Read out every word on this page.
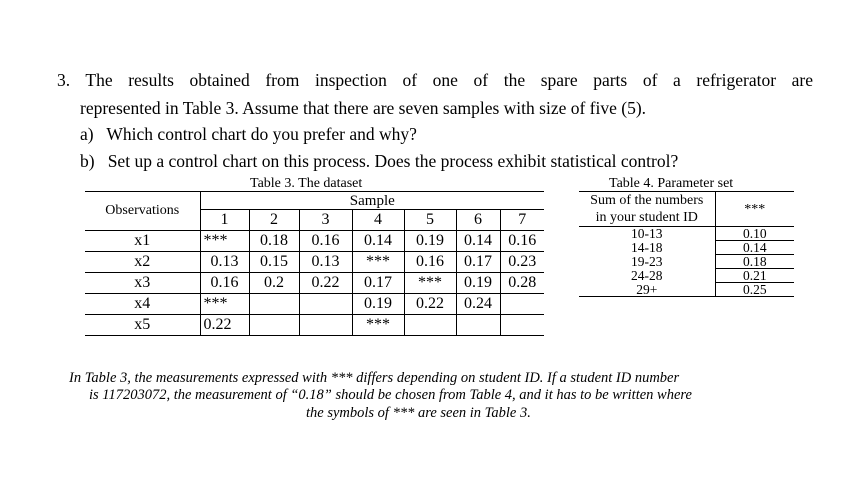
3. The results obtained from inspection of one of the spare parts of a refrigerator are
represented in Table 3. Assume that there are seven samples with size of five (5).
a)   Which control chart do you prefer and why?
b)   Set up a control chart on this process. Does the process exhibit statistical control?
Table 3. The dataset	Table 4. Parameter set
Observations	Sample						
	1	2	3	4	5	6	7
x1	***	0.18	0.16	0.14	0.19	0.14	0.16
x2	0.13	0.15	0.13	***	0.16	0.17	0.23
x3	0.16	0.2	0.22	0.17	***	0.19	0.28
x4	***			0.19	0.22	0.24	
x5	0.22			***			
Sum of the numbers
in your student ID	***
10-13	0.10
14-18	0.14
19-23	0.18
24-28	0.21
29+	0.25
In Table 3, the measurements expressed with *** differs depending on student ID. If a student ID number
is 117203072, the measurement of “0.18” should be chosen from Table 4, and it has to be written where
the symbols of *** are seen in Table 3.
